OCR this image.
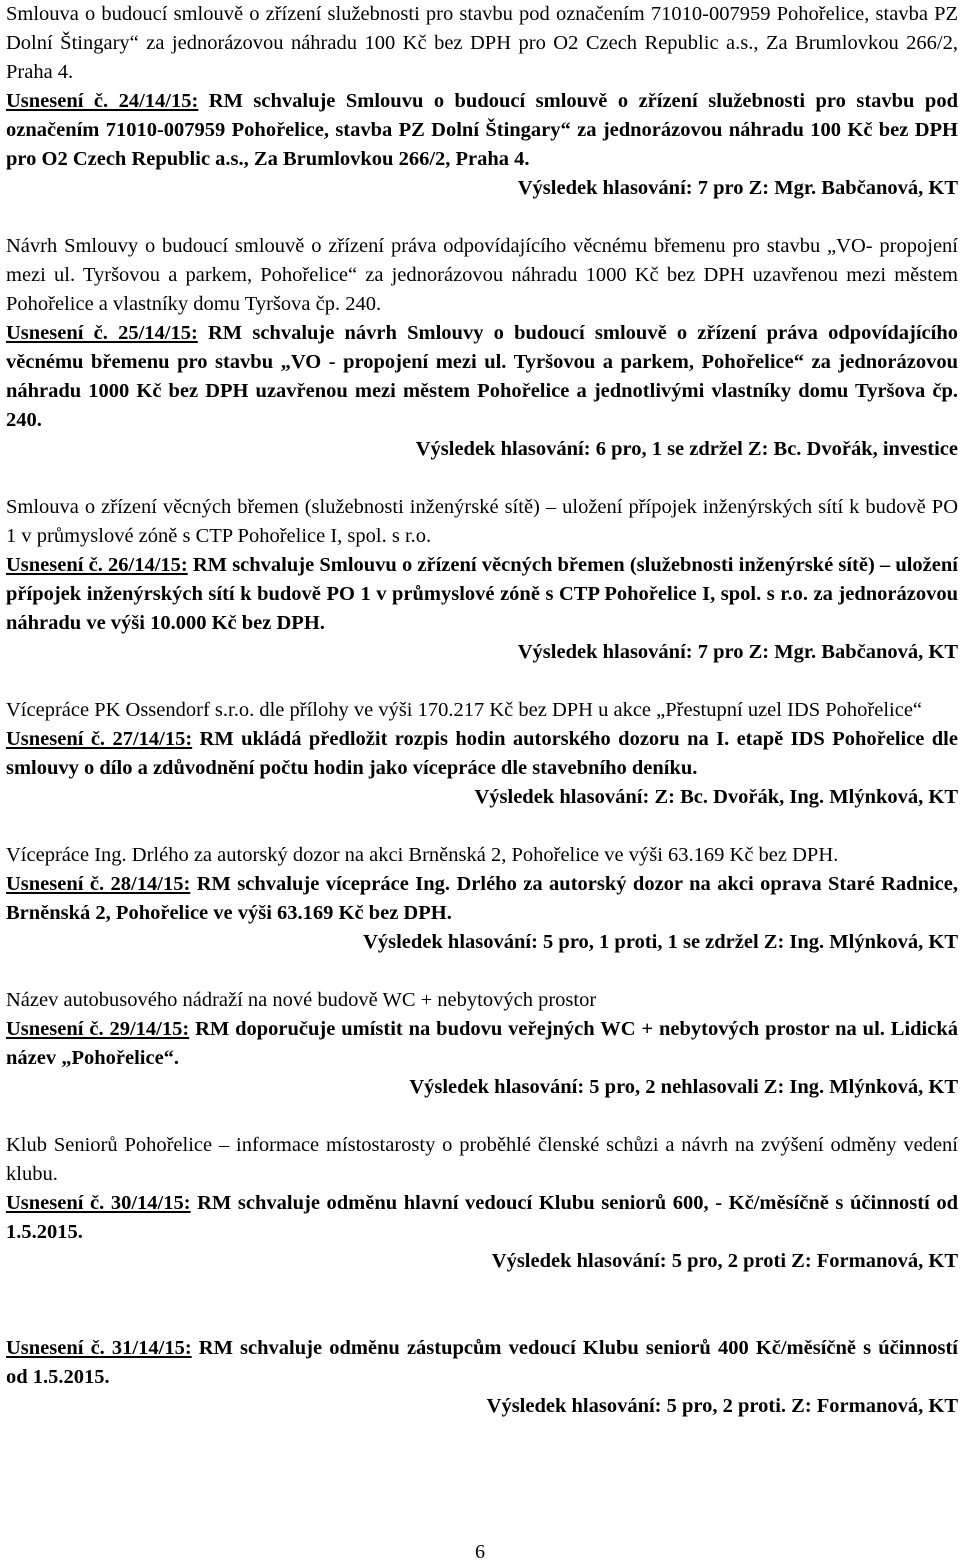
Smlouva o budoucí smlouvě o zřízení služebnosti pro stavbu pod označením 71010-007959 Pohořelice, stavba PZ Dolní Štingary“ za jednorázovou náhradu 100 Kč bez DPH pro O2 Czech Republic a.s., Za Brumlovkou 266/2, Praha 4.

Usnesení č. 24/14/15: RM schvaluje Smlouvu o budoucí smlouvě o zřízení služebnosti pro stavbu pod označením 71010-007959 Pohořelice, stavba PZ Dolní Štingary“ za jednorázovou náhradu 100 Kč bez DPH pro O2 Czech Republic a.s., Za Brumlovkou 266/2, Praha 4.

Výsledek hlasování: 7 pro Z: Mgr. Babčanová, KT

Návrh Smlouvy o budoucí smlouvě o zřízení práva odpovídajícího věcnému břemenu pro stavbu „VO- propojení mezi ul. Tyršovou a parkem, Pohořelice“ za jednorázovou náhradu 1000 Kč bez DPH uzavřenou mezi městem Pohořelice a vlastníky domu Tyršova čp. 240.

Usnesení č. 25/14/15: RM schvaluje návrh Smlouvy o budoucí smlouvě o zřízení práva odpovídajícího věcnému břemenu pro stavbu „VO - propojení mezi ul. Tyršovou a parkem, Pohořelice“ za jednorázovou náhradu 1000 Kč bez DPH uzavřenou mezi městem Pohořelice a jednotlivými vlastníky domu Tyršova čp. 240.

Výsledek hlasování: 6 pro, 1 se zdržel Z: Bc. Dvořák, investice

Smlouva o zřízení věcných břemen (služebnosti inženýrské sítě) – uložení přípojek inženýrských sítí k budově PO 1 v průmyslové zóně s CTP Pohořelice I, spol. s r.o.

Usnesení č. 26/14/15: RM schvaluje Smlouvu o zřízení věcných břemen (služebnosti inženýrské sítě) – uložení přípojek inženýrských sítí k budově PO 1 v průmyslové zóně s CTP Pohořelice I, spol. s r.o. za jednorázovou náhradu ve výši 10.000 Kč bez DPH.

Výsledek hlasování: 7 pro Z: Mgr. Babčanová, KT

Vícepráce PK Ossendorf s.r.o. dle přílohy ve výši 170.217 Kč bez DPH u akce „Přestupní uzel IDS Pohořelice“

Usnesení č. 27/14/15: RM ukládá předložit rozpis hodin autorského dozoru na I. etapě IDS Pohořelice dle smlouvy o dílo a zdůvodnění počtu hodin jako vícepráce dle stavebního deníku.

Výsledek hlasování: Z: Bc. Dvořák, Ing. Mlýnková, KT

Vícepráce Ing. Drlého za autorský dozor na akci Brněnská 2, Pohořelice ve výši 63.169 Kč bez DPH.

Usnesení č. 28/14/15: RM schvaluje vícepráce Ing. Drlého za autorský dozor na akci oprava Staré Radnice, Brněnská 2, Pohořelice ve výši 63.169 Kč bez DPH.

Výsledek hlasování: 5 pro, 1 proti, 1 se zdržel Z: Ing. Mlýnková, KT

Název autobusového nádraží na nové budově WC + nebytových prostor

Usnesení č. 29/14/15: RM doporučuje umístit na budovu veřejných WC + nebytových prostor na ul. Lidická název „Pohořelice“.

Výsledek hlasování: 5 pro, 2 nehlasovali Z: Ing. Mlýnková, KT

Klub Seniorů Pohořelice – informace místostarosty o proběhlé členské schůzi a návrh na zvýšení odměny vedení klubu.

Usnesení č. 30/14/15: RM schvaluje odměnu hlavní vedoucí Klubu seniorů 600, - Kč/měsíčně s účinností od 1.5.2015.

Výsledek hlasování: 5 pro, 2 proti Z: Formanová, KT

Usnesení č. 31/14/15: RM schvaluje odměnu zástupcům vedoucí Klubu seniorů 400 Kč/měsíčně s účinností od 1.5.2015.

Výsledek hlasování: 5 pro, 2 proti. Z: Formanová, KT

6
